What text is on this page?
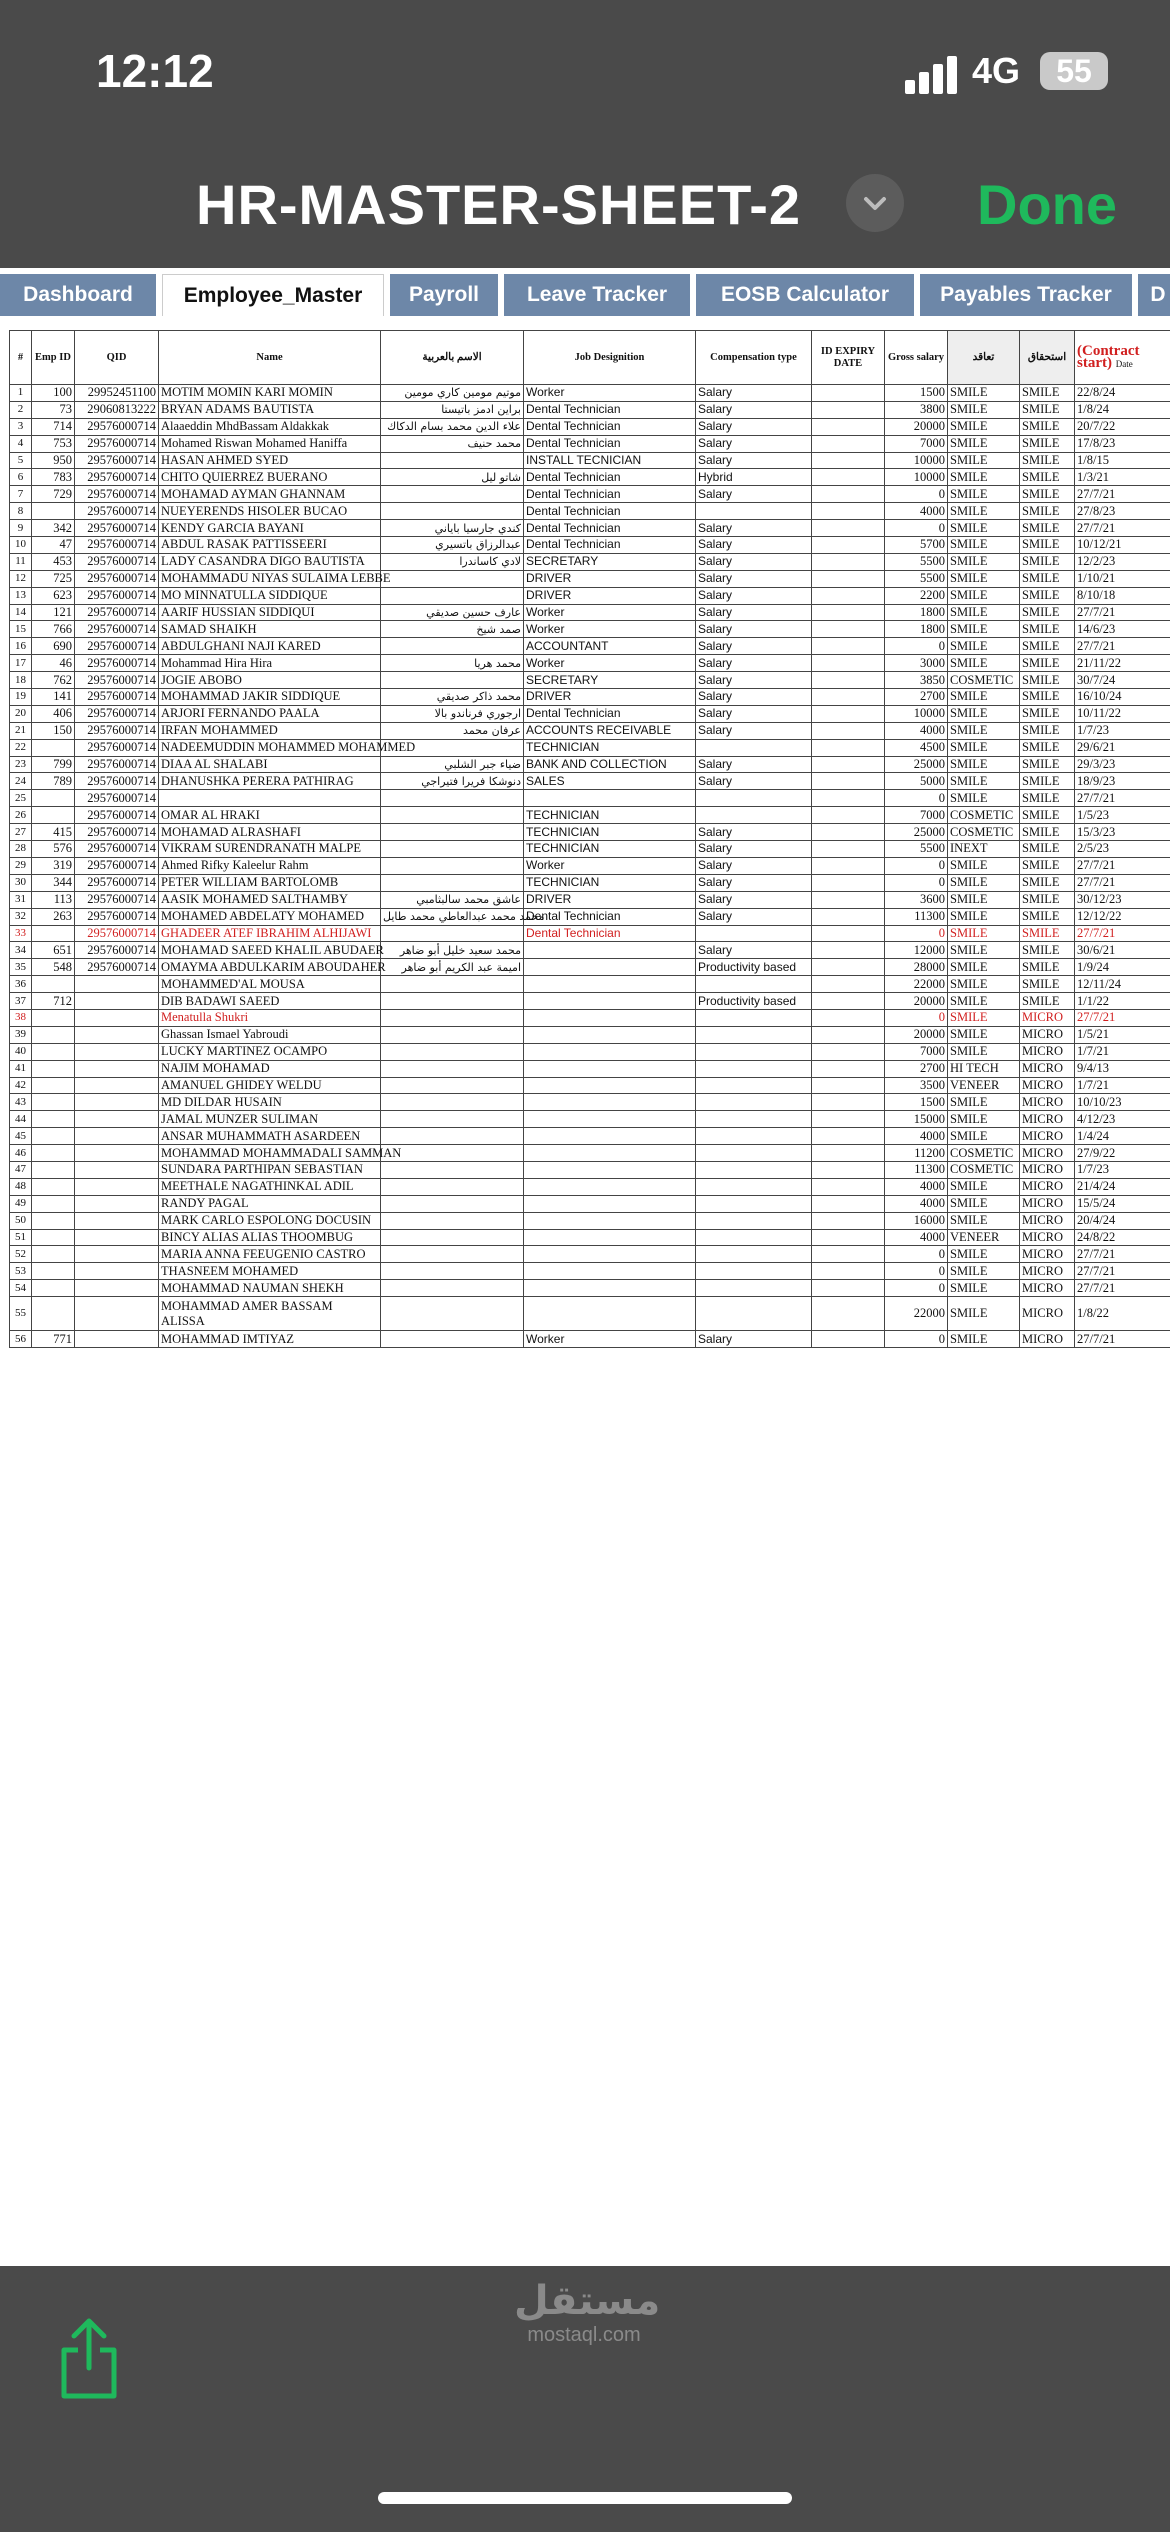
12:12	4G	55
HR-MASTER-SHEET-2	Done
Dashboard	Employee_Master	Payroll	Leave Tracker	EOSB Calculator	Payables Tracker	D
#	Emp ID	QID	Name	الاسم بالعربية	Job Designition	Compensation type	ID EXPIRY DATE	Gross salary	تعاقد	استحقاق	(Contract start) Date
1	100	29952451100	MOTIM MOMIN KARI MOMIN	موتيم مومين كاري مومين	Worker	Salary		1500	SMILE	SMILE	22/8/24
2	73	29060813222	BRYAN ADAMS BAUTISTA	براين ادمز باتيستا	Dental Technician	Salary		3800	SMILE	SMILE	1/8/24
3	714	29576000714	Alaaeddin MhdBassam Aldakkak	علاء الدين محمد بسام الدكاك	Dental Technician	Salary		20000	SMILE	SMILE	20/7/22
4	753	29576000714	Mohamed Riswan Mohamed Haniffa	محمد حنيف	Dental Technician	Salary		7000	SMILE	SMILE	17/8/23
5	950	29576000714	HASAN AHMED SYED		INSTALL TECNICIAN	Salary		10000	SMILE	SMILE	1/8/15
6	783	29576000714	CHITO QUIERREZ BUERANO	شاتو ليل	Dental Technician	Hybrid		10000	SMILE	SMILE	1/3/21
7	729	29576000714	MOHAMAD AYMAN GHANNAM		Dental Technician	Salary		0	SMILE	SMILE	27/7/21
8		29576000714	NUEYERENDS HISOLER BUCAO		Dental Technician			4000	SMILE	SMILE	27/8/23
9	342	29576000714	KENDY GARCIA BAYANI	كندي جارسيا باياني	Dental Technician	Salary		0	SMILE	SMILE	27/7/21
10	47	29576000714	ABDUL RASAK PATTISSEERI	عبدالرزاق باتسيري	Dental Technician	Salary		5700	SMILE	SMILE	10/12/21
11	453	29576000714	LADY CASANDRA DIGO BAUTISTA	لادي كاساندرا	SECRETARY	Salary		5500	SMILE	SMILE	12/2/23
12	725	29576000714	MOHAMMADU NIYAS SULAIMA LEBBE		DRIVER	Salary		5500	SMILE	SMILE	1/10/21
13	623	29576000714	MO MINNATULLA SIDDIQUE		DRIVER	Salary		2200	SMILE	SMILE	8/10/18
14	121	29576000714	AARIF HUSSIAN SIDDIQUI	عارف حسين صديقي	Worker	Salary		1800	SMILE	SMILE	27/7/21
15	766	29576000714	SAMAD SHAIKH	صمد شيخ	Worker	Salary		1800	SMILE	SMILE	14/6/23
16	690	29576000714	ABDULGHANI NAJI KARED		ACCOUNTANT	Salary		0	SMILE	SMILE	27/7/21
17	46	29576000714	Mohammad Hira Hira	محمد هريا	Worker	Salary		3000	SMILE	SMILE	21/11/22
18	762	29576000714	JOGIE ABOBO		SECRETARY	Salary		3850	COSMETIC	SMILE	30/7/24
19	141	29576000714	MOHAMMAD JAKIR SIDDIQUE	محمد ذاكر صديقي	DRIVER	Salary		2700	SMILE	SMILE	16/10/24
20	406	29576000714	ARJORI FERNANDO PAALA	ارجوري فرناندو بالا	Dental Technician	Salary		10000	SMILE	SMILE	10/11/22
21	150	29576000714	IRFAN MOHAMMED	عرفان محمد	ACCOUNTS RECEIVABLE	Salary		4000	SMILE	SMILE	1/7/23
22		29576000714	NADEEMUDDIN MOHAMMED MOHAMMED		TECHNICIAN			4500	SMILE	SMILE	29/6/21
23	799	29576000714	DIAA AL SHALABI	ضياء جبر الشلبي	BANK AND COLLECTION	Salary		25000	SMILE	SMILE	29/3/23
24	789	29576000714	DHANUSHKA PERERA PATHIRAG	دنوشكا فريرا فتيراجي	SALES	Salary		5000	SMILE	SMILE	18/9/23
25		29576000714						0	SMILE	SMILE	27/7/21
26		29576000714	OMAR AL HRAKI		TECHNICIAN			7000	COSMETIC	SMILE	1/5/23
27	415	29576000714	MOHAMAD ALRASHAFI		TECHNICIAN	Salary		25000	COSMETIC	SMILE	15/3/23
28	576	29576000714	VIKRAM SURENDRANATH MALPE		TECHNICIAN	Salary		5500	INEXT	SMILE	2/5/23
29	319	29576000714	Ahmed Rifky Kaleelur Rahm		Worker	Salary		0	SMILE	SMILE	27/7/21
30	344	29576000714	PETER WILLIAM BARTOLOMB		TECHNICIAN	Salary		0	SMILE	SMILE	27/7/21
31	113	29576000714	AASIK MOHAMED SALTHAMBY	عاشق محمد سالبثامبي	DRIVER	Salary		3600	SMILE	SMILE	30/12/23
32	263	29576000714	MOHAMED ABDELATY MOHAMED	محمد محمد عبدالعاطي محمد طايل	Dental Technician	Salary		11300	SMILE	SMILE	12/12/22
33		29576000714	GHADEER ATEF IBRAHIM ALHIJAWI		Dental Technician			0	SMILE	SMILE	27/7/21
34	651	29576000714	MOHAMAD SAEED KHALIL ABUDAER	محمد سعيد خليل أبو ضاهر		Salary		12000	SMILE	SMILE	30/6/21
35	548	29576000714	OMAYMA ABDULKARIM ABOUDAHER	اميمة عبد الكريم أبو ضاهر		Productivity based		28000	SMILE	SMILE	1/9/24
36			MOHAMMED'AL MOUSA					22000	SMILE	SMILE	12/11/24
37	712		DIB BADAWI SAEED			Productivity based		20000	SMILE	SMILE	1/1/22
38			Menatulla Shukri					0	SMILE	MICRO	27/7/21
39			Ghassan Ismael Yabroudi					20000	SMILE	MICRO	1/5/21
40			LUCKY MARTINEZ OCAMPO					7000	SMILE	MICRO	1/7/21
41			NAJIM MOHAMAD					2700	HI TECH	MICRO	9/4/13
42			AMANUEL GHIDEY WELDU					3500	VENEER	MICRO	1/7/21
43			MD DILDAR HUSAIN					1500	SMILE	MICRO	10/10/23
44			JAMAL MUNZER SULIMAN					15000	SMILE	MICRO	4/12/23
45			ANSAR MUHAMMATH ASARDEEN					4000	SMILE	MICRO	1/4/24
46			MOHAMMAD MOHAMMADALI SAMMAN					11200	COSMETIC	MICRO	27/9/22
47			SUNDARA PARTHIPAN SEBASTIAN					11300	COSMETIC	MICRO	1/7/23
48			MEETHALE NAGATHINKAL ADIL					4000	SMILE	MICRO	21/4/24
49			RANDY PAGAL					4000	SMILE	MICRO	15/5/24
50			MARK CARLO ESPOLONG DOCUSIN					16000	SMILE	MICRO	20/4/24
51			BINCY ALIAS ALIAS THOOMBUG					4000	VENEER	MICRO	24/8/22
52			MARIA ANNA FEEUGENIO CASTRO					0	SMILE	MICRO	27/7/21
53			THASNEEM MOHAMED					0	SMILE	MICRO	27/7/21
54			MOHAMMAD NAUMAN SHEKH					0	SMILE	MICRO	27/7/21
55			MOHAMMAD AMER BASSAM ALISSA					22000	SMILE	MICRO	1/8/22
56	771		MOHAMMAD IMTIYAZ		Worker	Salary		0	SMILE	MICRO	27/7/21
مستقل
mostaql.com
